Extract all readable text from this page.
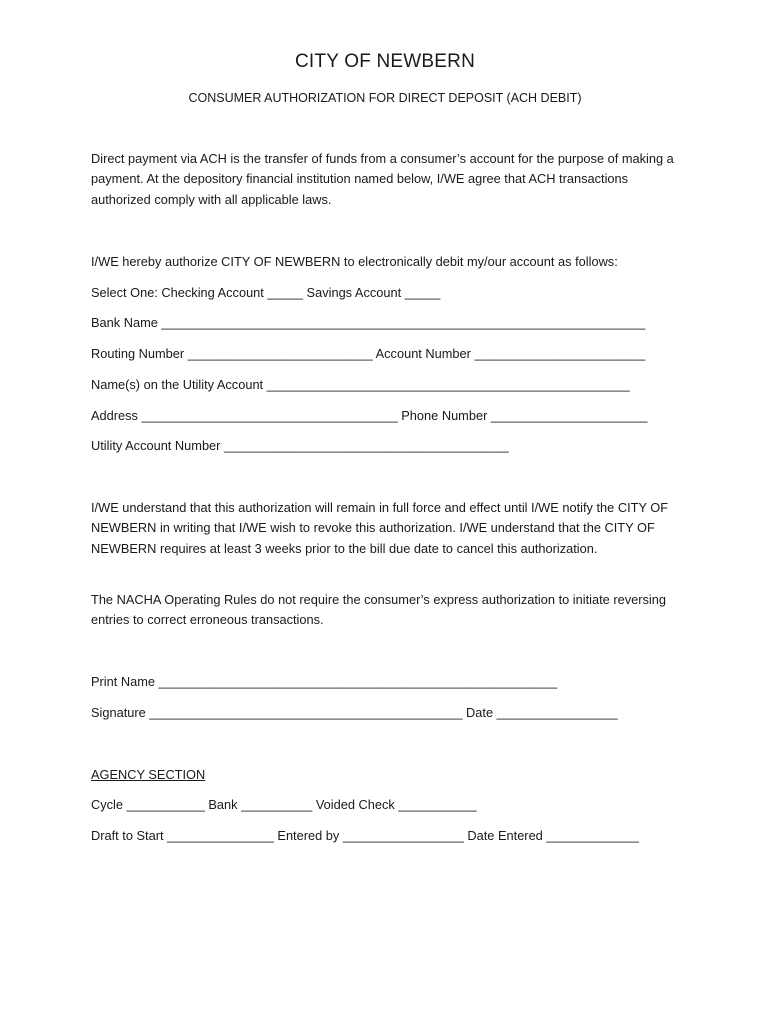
CITY OF NEWBERN
CONSUMER AUTHORIZATION FOR DIRECT DEPOSIT (ACH DEBIT)

Direct payment via ACH is the transfer of funds from a consumer’s account for the purpose of making a payment. At the depository financial institution named below, I/WE agree that ACH transactions authorized comply with all applicable laws.

I/WE hereby authorize CITY OF NEWBERN to electronically debit my/our account as follows:

Select One: Checking Account _____ Savings Account _____

Bank Name ____________________________________________________________________

Routing Number __________________________ Account Number ________________________

Name(s) on the Utility Account ___________________________________________________

Address ____________________________________ Phone Number ______________________

Utility Account Number ________________________________________

I/WE understand that this authorization will remain in full force and effect until I/WE notify the CITY OF NEWBERN in writing that I/WE wish to revoke this authorization. I/WE understand that the CITY OF NEWBERN requires at least 3 weeks prior to the bill due date to cancel this authorization.

The NACHA Operating Rules do not require the consumer’s express authorization to initiate reversing entries to correct erroneous transactions.

Print Name ________________________________________________________

Signature ____________________________________________ Date _________________

AGENCY SECTION

Cycle ___________ Bank __________ Voided Check ___________

Draft to Start _______________ Entered by _________________ Date Entered _____________
